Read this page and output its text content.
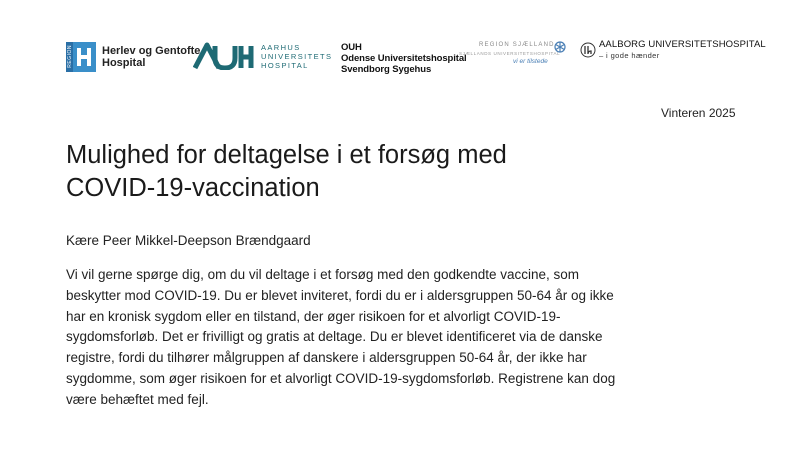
REGION	Herlev og Gentofte
Hospital
AARHUS
UNIVERSITETS
HOSPITAL
OUH
Odense Universitetshospital
Svendborg Sygehus
REGION SJÆLLAND
SJÆLLANDS UNIVERSITETSHOSPITAL
vi er tilstede
AALBORG UNIVERSITETSHOSPITAL
– i gode hænder
Vinteren 2025
Mulighed for deltagelse i et forsøg med
COVID-19-vaccination
Kære Peer Mikkel-Deepson Brændgaard

Vi vil gerne spørge dig, om du vil deltage i et forsøg med den godkendte vaccine, som beskytter mod COVID-19. Du er blevet inviteret, fordi du er i aldersgruppen 50-64 år og ikke har en kronisk sygdom eller en tilstand, der øger risikoen for et alvorligt COVID-19-sygdomsforløb. Det er frivilligt og gratis at deltage. Du er blevet identificeret via de danske registre, fordi du tilhører målgruppen af danskere i aldersgruppen 50-64 år, der ikke har sygdomme, som øger risikoen for et alvorligt COVID-19-sygdomsforløb. Registrene kan dog være behæftet med fejl.
